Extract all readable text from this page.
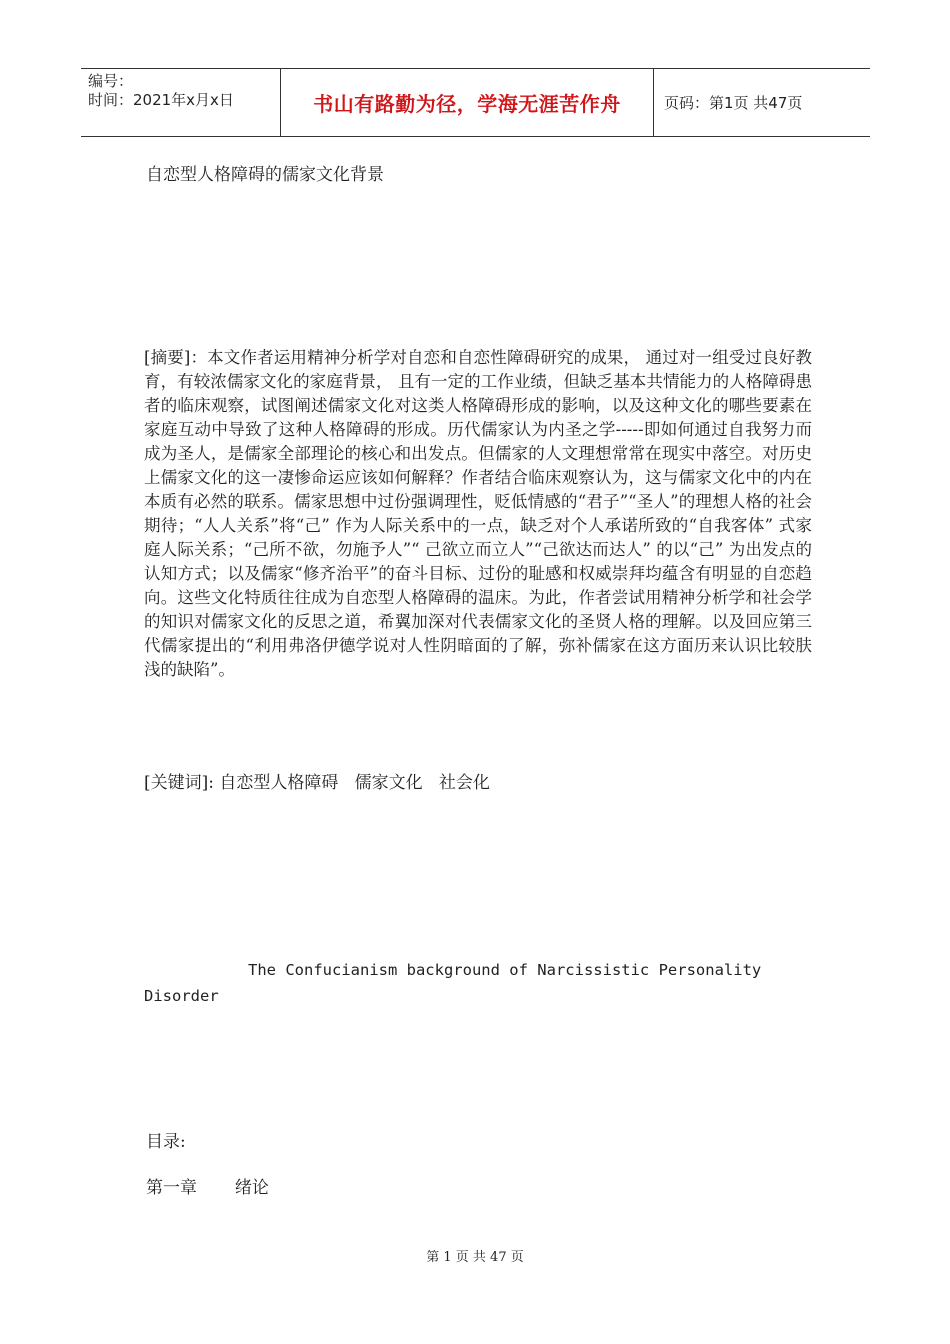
编号：
时间：2021年x月x日	书山有路勤为径，学海无涯苦作舟	页码：第1页 共47页
自恋型人格障碍的儒家文化背景

[摘要]：本文作者运用精神分析学对自恋和自恋性障碍研究的成果， 通过对一组受过良好教育，有较浓儒家文化的家庭背景， 且有一定的工作业绩，但缺乏基本共情能力的人格障碍患者的临床观察，试图阐述儒家文化对这类人格障碍形成的影响，以及这种文化的哪些要素在家庭互动中导致了这种人格障碍的形成。历代儒家认为内圣之学-----即如何通过自我努力而成为圣人，是儒家全部理论的核心和出发点。但儒家的人文理想常常在现实中落空。对历史上儒家文化的这一凄惨命运应该如何解释？作者结合临床观察认为，这与儒家文化中的内在本质有必然的联系。儒家思想中过份强调理性，贬低情感的“君子”“圣人”的理想人格的社会期待；“人人关系”将“己” 作为人际关系中的一点，缺乏对个人承诺所致的“自我客体” 式家庭人际关系；“己所不欲，勿施予人”“ 己欲立而立人”“己欲达而达人” 的以“己” 为出发点的认知方式；以及儒家“修齐治平”的奋斗目标、过份的耻感和权威崇拜均蕴含有明显的自恋趋向。这些文化特质往往成为自恋型人格障碍的温床。为此，作者尝试用精神分析学和社会学的知识对儒家文化的反思之道，希翼加深对代表儒家文化的圣贤人格的理解。以及回应第三代儒家提出的“利用弗洛伊德学说对人性阴暗面的了解，弥补儒家在这方面历来认识比较肤浅的缺陷”。

[关键词]: 自恋型人格障碍   儒家文化   社会化

The Confucianism background of Narcissistic Personality Disorder

目录:
第一章       绪论
第 1 页 共 47 页
